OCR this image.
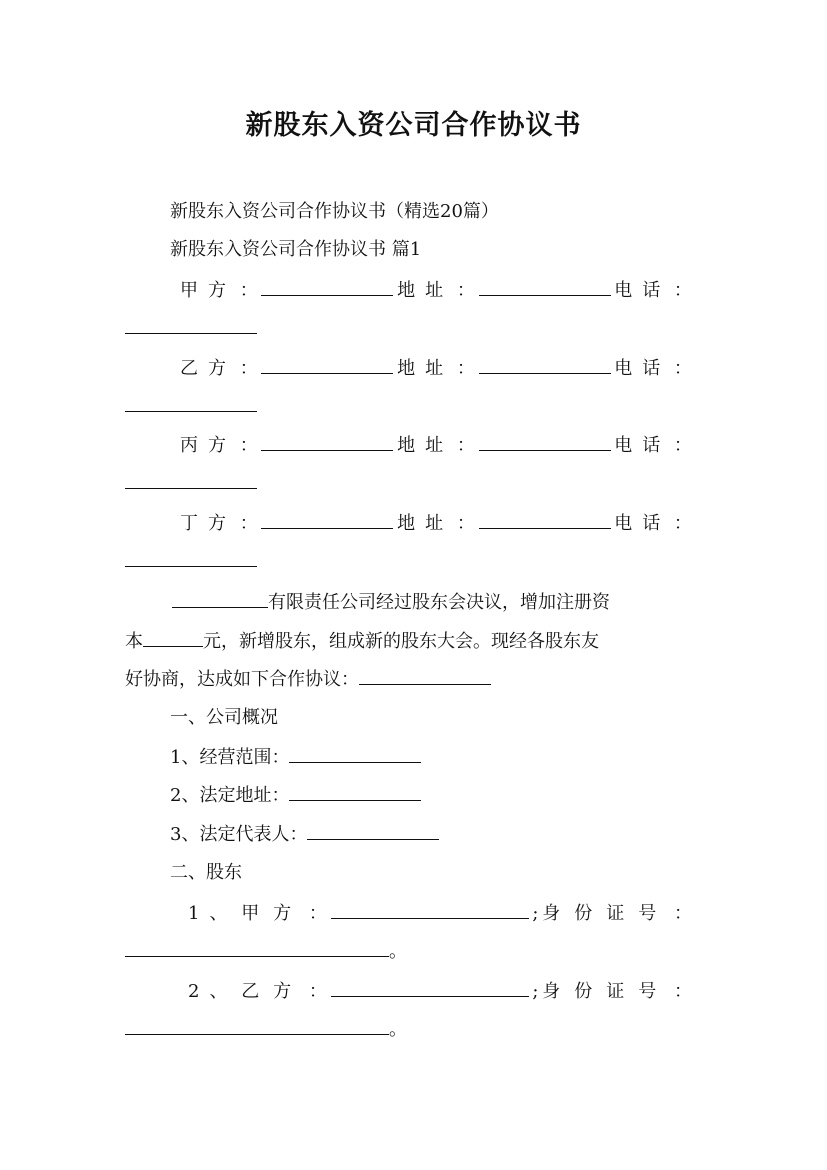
新股东入资公司合作协议书
新股东入资公司合作协议书（精选20篇）
新股东入资公司合作协议书 篇1
甲方 ：	地址 ：	电话 ：
乙方 ：	地址 ：	电话 ：
丙方 ：	地址 ：	电话 ：
丁方 ：	地址 ：	电话 ：
有限责任公司经过股东会决议，增加注册资
本	元，新增股东，组成新的股东大会。现经各股东友
好协商，达成如下合作协议：
一、公司概况
1、经营范围：
2、法定地址：
3、法定代表人：
二、股东
1、 甲方 ：	; 身份证号 ：
。
2、 乙方 ：	; 身份证号 ：
。
